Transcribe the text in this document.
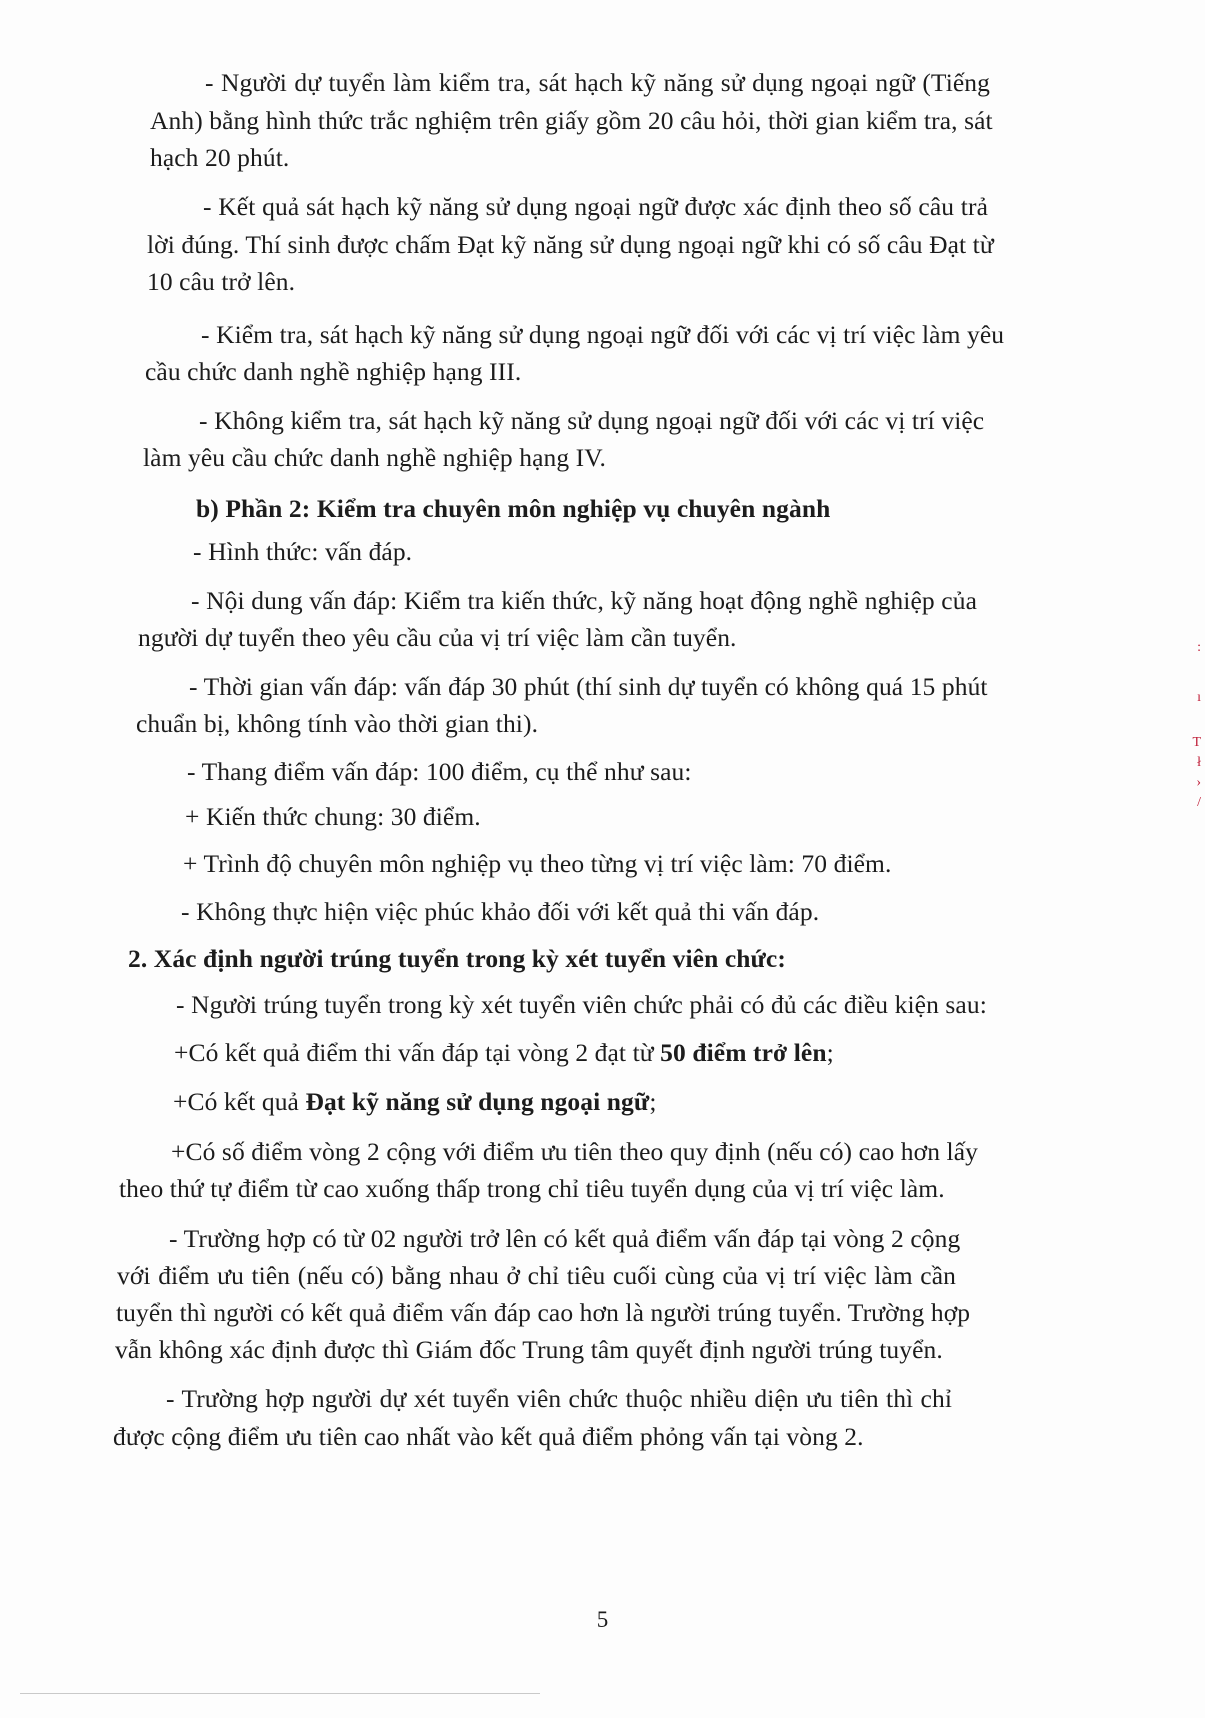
- Người dự tuyển làm kiểm tra, sát hạch kỹ năng sử dụng ngoại ngữ (Tiếng
Anh) bằng hình thức trắc nghiệm trên giấy gồm 20 câu hỏi, thời gian kiểm tra, sát
hạch 20 phút.
- Kết quả sát hạch kỹ năng sử dụng ngoại ngữ được xác định theo số câu trả
lời đúng. Thí sinh được chấm Đạt kỹ năng sử dụng ngoại ngữ khi có số câu Đạt từ
10 câu trở lên.
- Kiểm tra, sát hạch kỹ năng sử dụng ngoại ngữ đối với các vị trí việc làm yêu
cầu chức danh nghề nghiệp hạng III.
- Không kiểm tra, sát hạch kỹ năng sử dụng ngoại ngữ đối với các vị trí việc
làm yêu cầu chức danh nghề nghiệp hạng IV.
b) Phần 2: Kiểm tra chuyên môn nghiệp vụ chuyên ngành
- Hình thức: vấn đáp.
- Nội dung vấn đáp: Kiểm tra kiến thức, kỹ năng hoạt động nghề nghiệp của
người dự tuyển theo yêu cầu của vị trí việc làm cần tuyển.
- Thời gian vấn đáp: vấn đáp 30 phút (thí sinh dự tuyển có không quá 15 phút
chuẩn bị, không tính vào thời gian thi).
- Thang điểm vấn đáp: 100 điểm, cụ thể như sau:
+ Kiến thức chung: 30 điểm.
+ Trình độ chuyên môn nghiệp vụ theo từng vị trí việc làm: 70 điểm.
- Không thực hiện việc phúc khảo đối với kết quả thi vấn đáp.
2. Xác định người trúng tuyển trong kỳ xét tuyển viên chức:
- Người trúng tuyển trong kỳ xét tuyển viên chức phải có đủ các điều kiện sau:
+Có kết quả điểm thi vấn đáp tại vòng 2 đạt từ 50 điểm trở lên;
+Có kết quả Đạt kỹ năng sử dụng ngoại ngữ;
+Có số điểm vòng 2 cộng với điểm ưu tiên theo quy định (nếu có) cao hơn lấy
theo thứ tự điểm từ cao xuống thấp trong chỉ tiêu tuyển dụng của vị trí việc làm.
- Trường hợp có từ 02 người trở lên có kết quả điểm vấn đáp tại vòng 2 cộng
với điểm ưu tiên (nếu có) bằng nhau ở chỉ tiêu cuối cùng của vị trí việc làm cần
tuyển thì người có kết quả điểm vấn đáp cao hơn là người trúng tuyển. Trường hợp
vẫn không xác định được thì Giám đốc Trung tâm quyết định người trúng tuyển.
- Trường hợp người dự xét tuyển viên chức thuộc nhiều diện ưu tiên thì chỉ
được cộng điểm ưu tiên cao nhất vào kết quả điểm phỏng vấn tại vòng 2.
5
:
ı
T
ł
›
/
